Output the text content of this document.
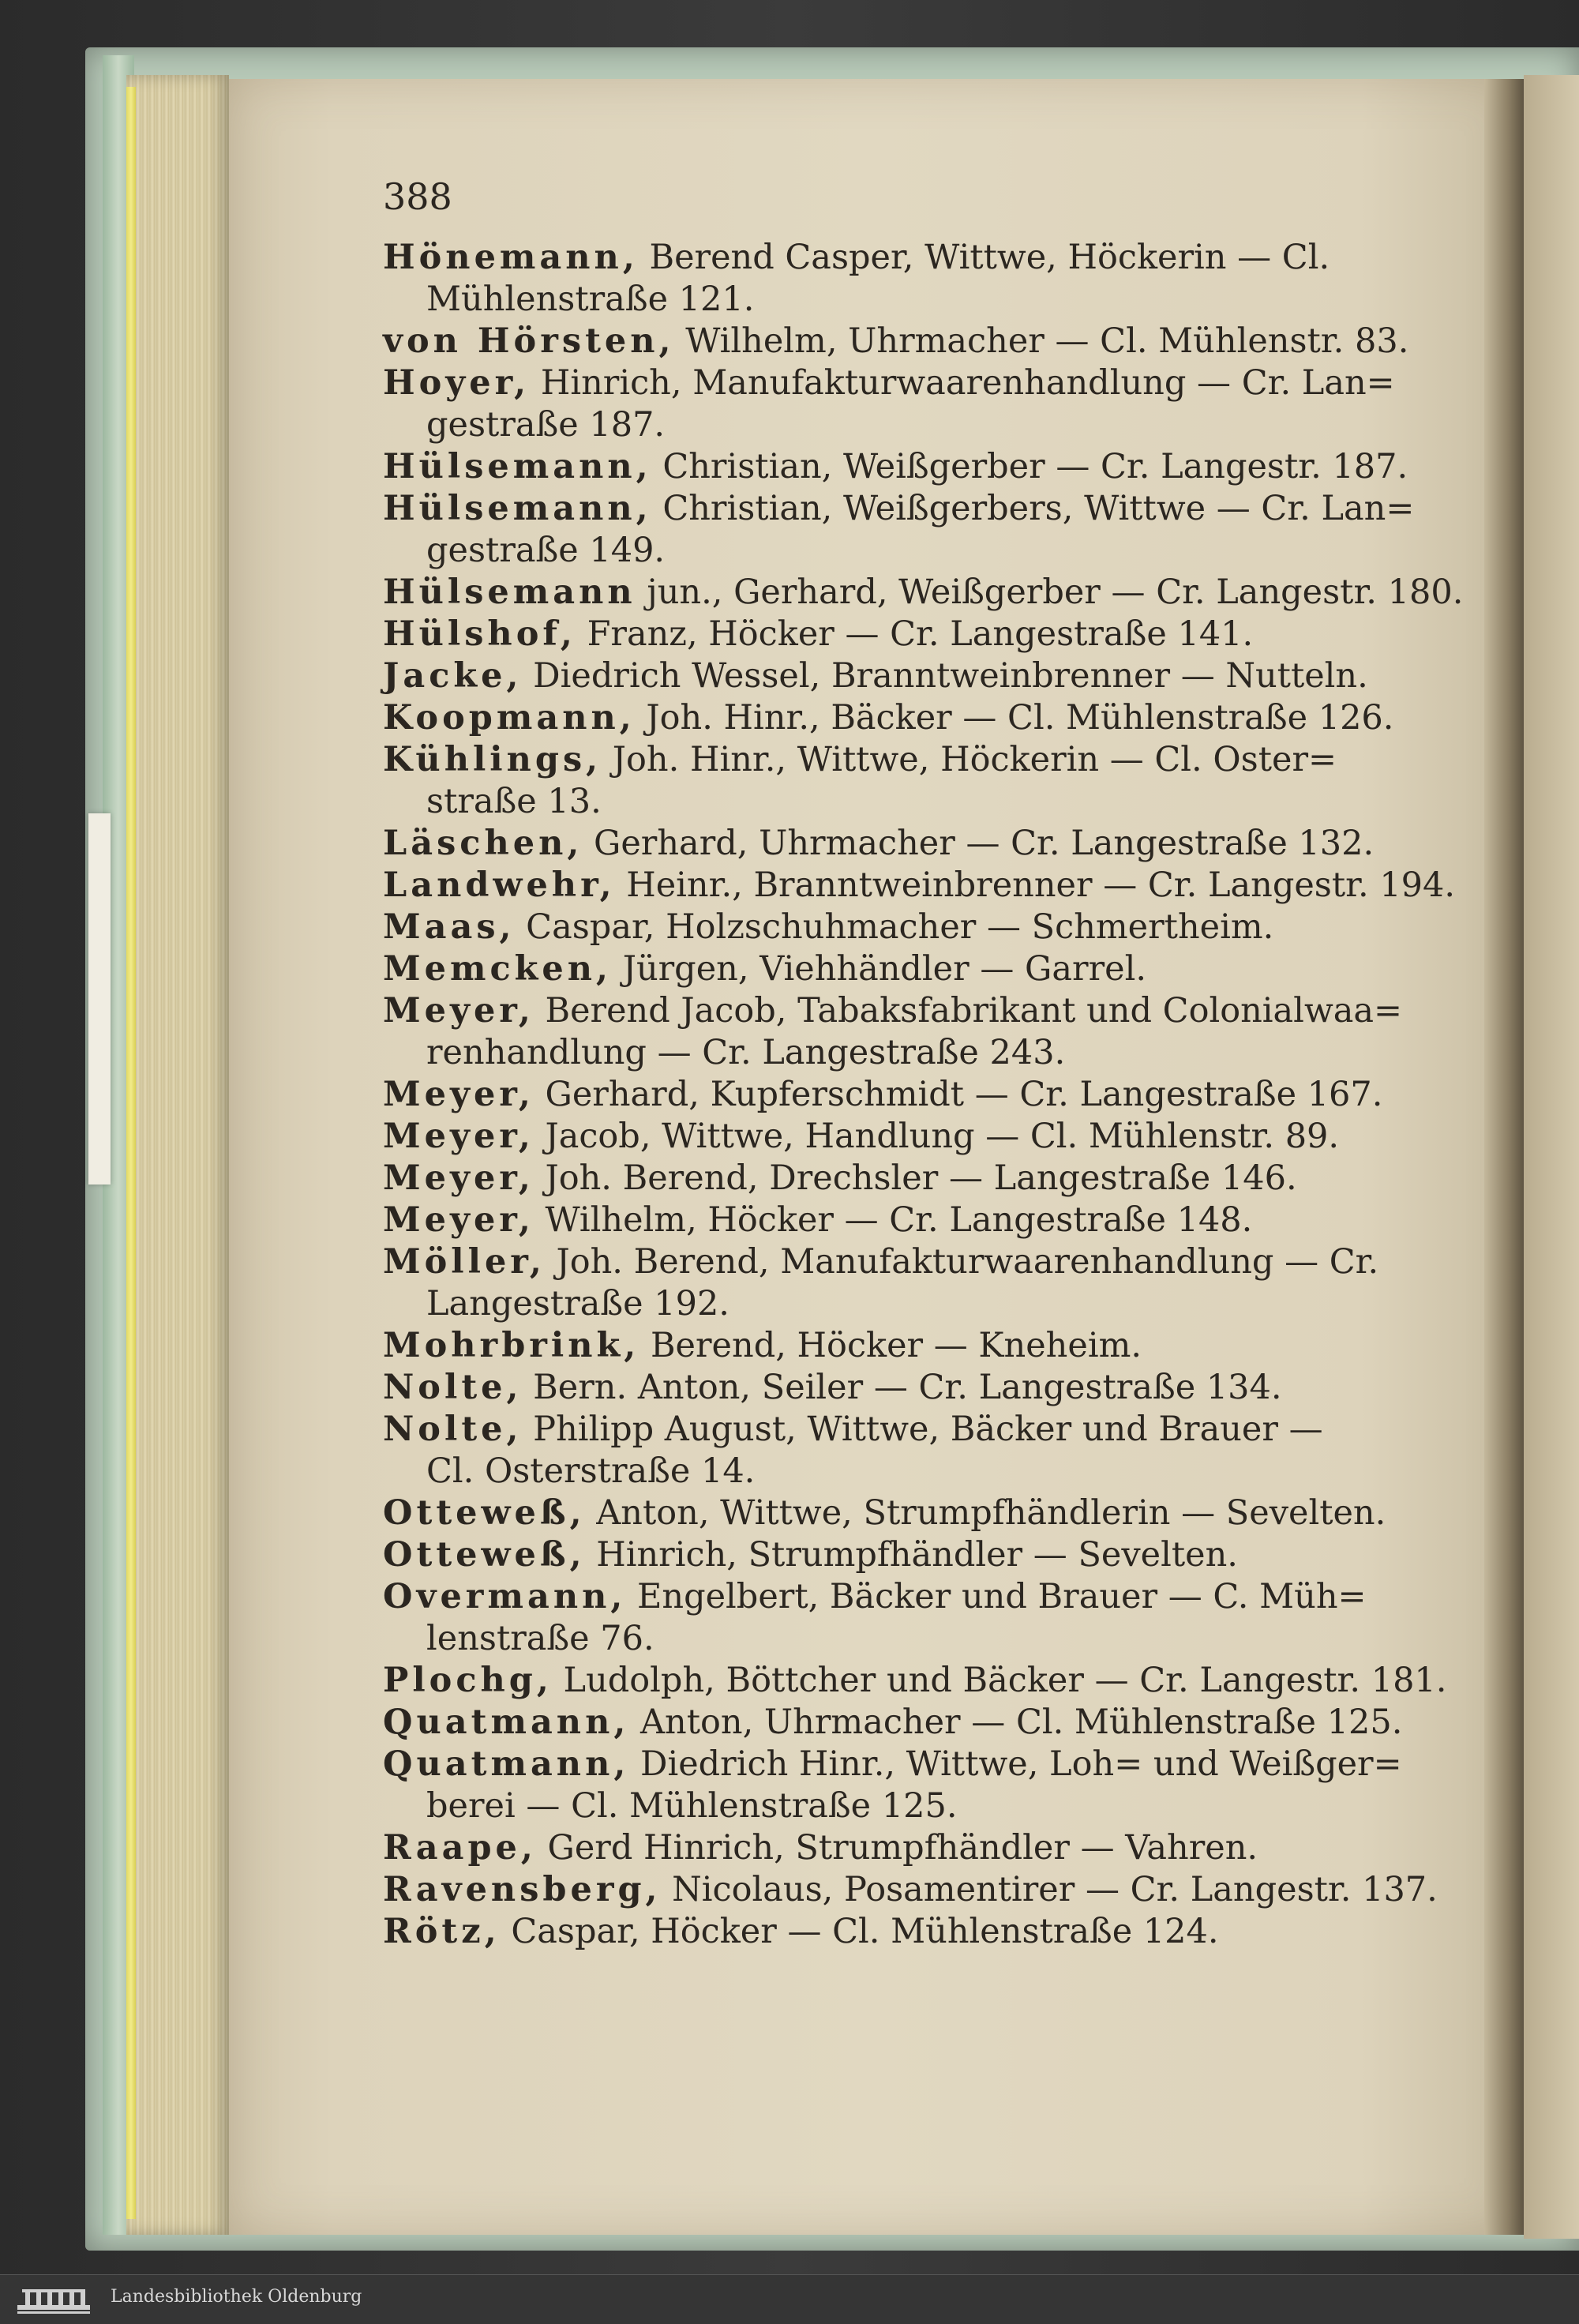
388

Hönemann, Berend Casper, Wittwe, Höckerin — Cl.

Mühlenstraße 121.

von Hörsten, Wilhelm, Uhrmacher — Cl. Mühlenstr. 83.

Hoyer, Hinrich, Manufakturwaarenhandlung — Cr. Lan=

gestraße 187.

Hülsemann, Christian, Weißgerber — Cr. Langestr. 187.

Hülsemann, Christian, Weißgerbers, Wittwe — Cr. Lan=

gestraße 149.

Hülsemann jun., Gerhard, Weißgerber — Cr. Langestr. 180.

Hülshof, Franz, Höcker — Cr. Langestraße 141.

Jacke, Diedrich Wessel, Branntweinbrenner — Nutteln.

Koopmann, Joh. Hinr., Bäcker — Cl. Mühlenstraße 126.

Kühlings, Joh. Hinr., Wittwe, Höckerin — Cl. Oster=

straße 13.

Läschen, Gerhard, Uhrmacher — Cr. Langestraße 132.

Landwehr, Heinr., Branntweinbrenner — Cr. Langestr. 194.

Maas, Caspar, Holzschuhmacher — Schmertheim.

Memcken, Jürgen, Viehhändler — Garrel.

Meyer, Berend Jacob, Tabaksfabrikant und Colonialwaa=

renhandlung — Cr. Langestraße 243.

Meyer, Gerhard, Kupferschmidt — Cr. Langestraße 167.

Meyer, Jacob, Wittwe, Handlung — Cl. Mühlenstr. 89.

Meyer, Joh. Berend, Drechsler — Langestraße 146.

Meyer, Wilhelm, Höcker — Cr. Langestraße 148.

Möller, Joh. Berend, Manufakturwaarenhandlung — Cr.

Langestraße 192.

Mohrbrink, Berend, Höcker — Kneheim.

Nolte, Bern. Anton, Seiler — Cr. Langestraße 134.

Nolte, Philipp August, Wittwe, Bäcker und Brauer —

Cl. Osterstraße 14.

Otteweß, Anton, Wittwe, Strumpfhändlerin — Sevelten.

Otteweß, Hinrich, Strumpfhändler — Sevelten.

Overmann, Engelbert, Bäcker und Brauer — C. Müh=

lenstraße 76.

Plochg, Ludolph, Böttcher und Bäcker — Cr. Langestr. 181.

Quatmann, Anton, Uhrmacher — Cl. Mühlenstraße 125.

Quatmann, Diedrich Hinr., Wittwe, Loh= und Weißger=

berei — Cl. Mühlenstraße 125.

Raape, Gerd Hinrich, Strumpfhändler — Vahren.

Ravensberg, Nicolaus, Posamentirer — Cr. Langestr. 137.

Rötz, Caspar, Höcker — Cl. Mühlenstraße 124.

Landesbibliothek Oldenburg
